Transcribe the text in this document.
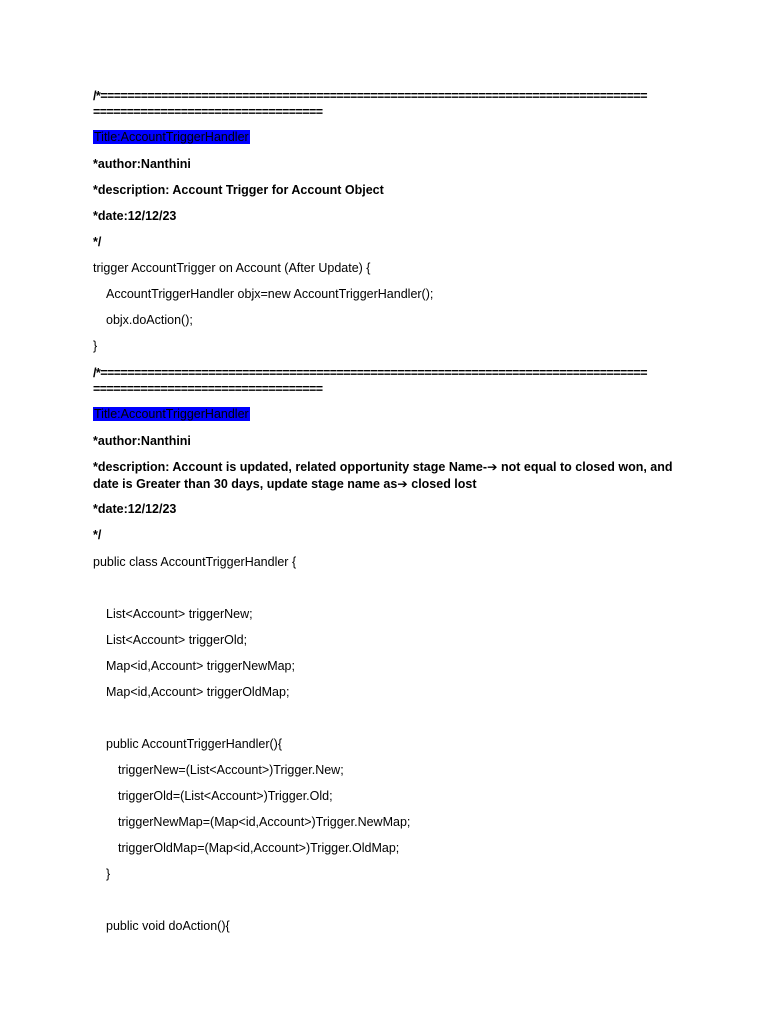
/*=================================================================================
==================================
Title:AccountTriggerHandler
*author:Nanthini
*description: Account Trigger for Account Object
*date:12/12/23
*/
trigger AccountTrigger on Account (After Update) {
AccountTriggerHandler objx=new AccountTriggerHandler();
objx.doAction();
}
/*=================================================================================
==================================
Title:AccountTriggerHandler
*author:Nanthini
*description: Account is updated, related opportunity stage Name-➔ not equal to closed won, and date is Greater than 30 days, update stage name as➔ closed lost
*date:12/12/23
*/
public class AccountTriggerHandler {
List<Account> triggerNew;
List<Account> triggerOld;
Map<id,Account> triggerNewMap;
Map<id,Account> triggerOldMap;
public AccountTriggerHandler(){
triggerNew=(List<Account>)Trigger.New;
triggerOld=(List<Account>)Trigger.Old;
triggerNewMap=(Map<id,Account>)Trigger.NewMap;
triggerOldMap=(Map<id,Account>)Trigger.OldMap;
}
public void doAction(){
